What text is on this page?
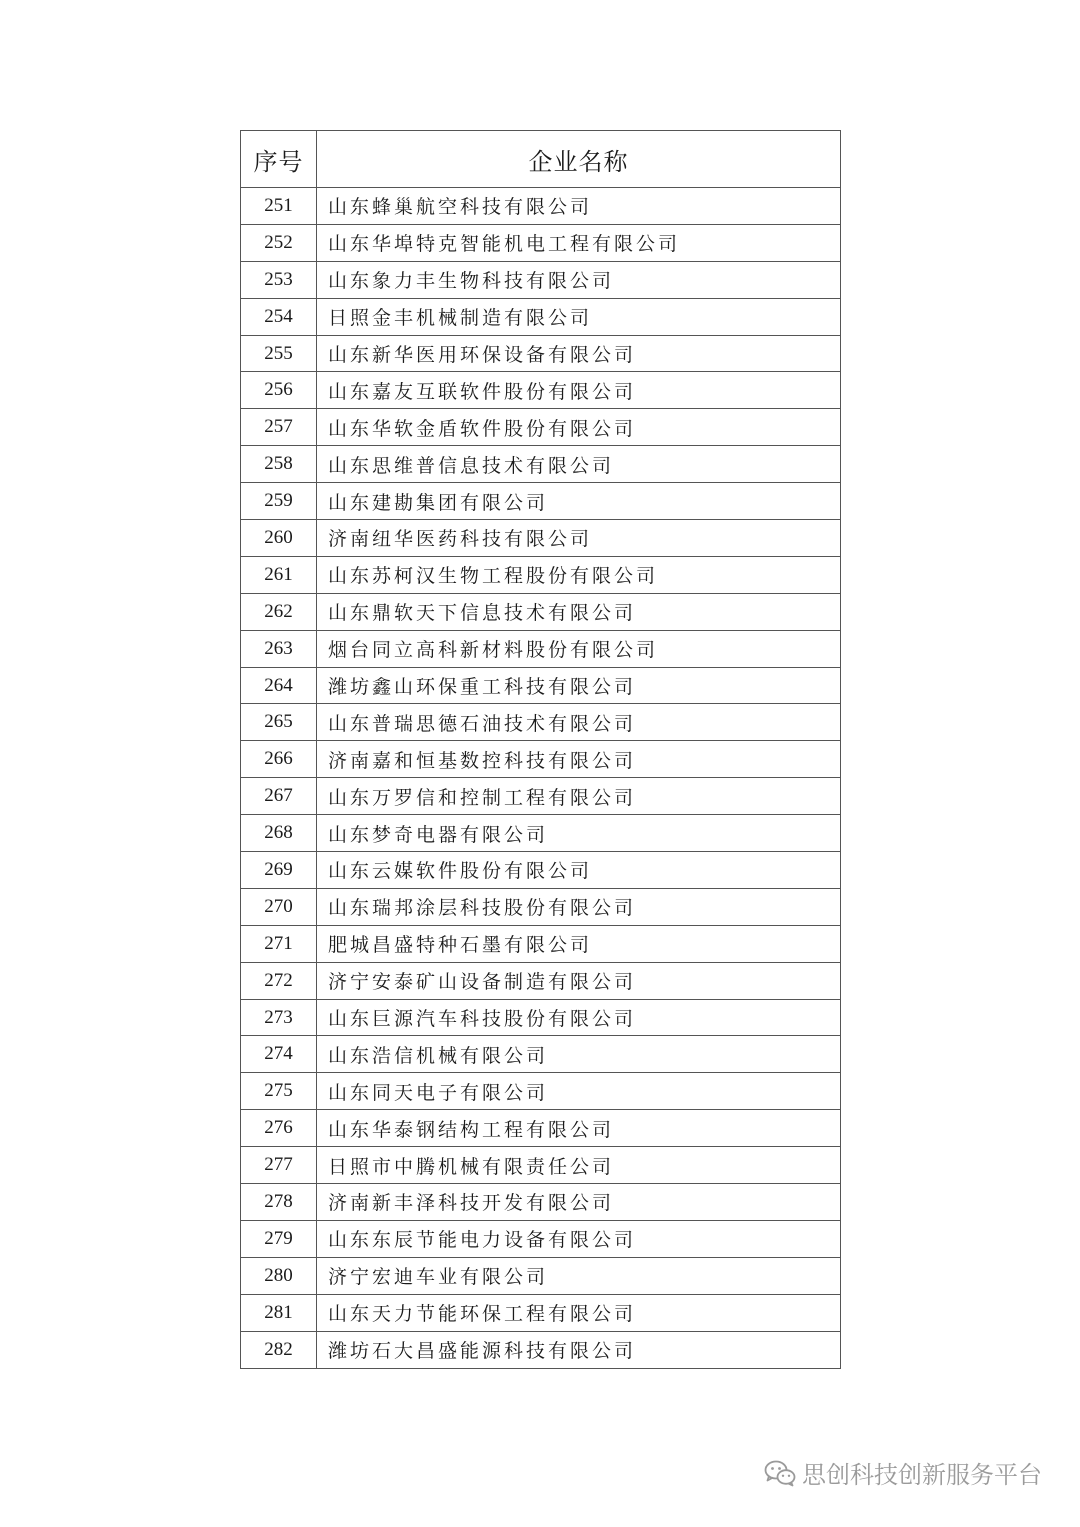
序号	企业名称
251	山东蜂巢航空科技有限公司
252	山东华埠特克智能机电工程有限公司
253	山东象力丰生物科技有限公司
254	日照金丰机械制造有限公司
255	山东新华医用环保设备有限公司
256	山东嘉友互联软件股份有限公司
257	山东华软金盾软件股份有限公司
258	山东思维普信息技术有限公司
259	山东建勘集团有限公司
260	济南纽华医药科技有限公司
261	山东苏柯汉生物工程股份有限公司
262	山东鼎软天下信息技术有限公司
263	烟台同立高科新材料股份有限公司
264	潍坊鑫山环保重工科技有限公司
265	山东普瑞思德石油技术有限公司
266	济南嘉和恒基数控科技有限公司
267	山东万罗信和控制工程有限公司
268	山东梦奇电器有限公司
269	山东云媒软件股份有限公司
270	山东瑞邦涂层科技股份有限公司
271	肥城昌盛特种石墨有限公司
272	济宁安泰矿山设备制造有限公司
273	山东巨源汽车科技股份有限公司
274	山东浩信机械有限公司
275	山东同天电子有限公司
276	山东华泰钢结构工程有限公司
277	日照市中腾机械有限责任公司
278	济南新丰泽科技开发有限公司
279	山东东辰节能电力设备有限公司
280	济宁宏迪车业有限公司
281	山东天力节能环保工程有限公司
282	潍坊石大昌盛能源科技有限公司
思创科技创新服务平台
